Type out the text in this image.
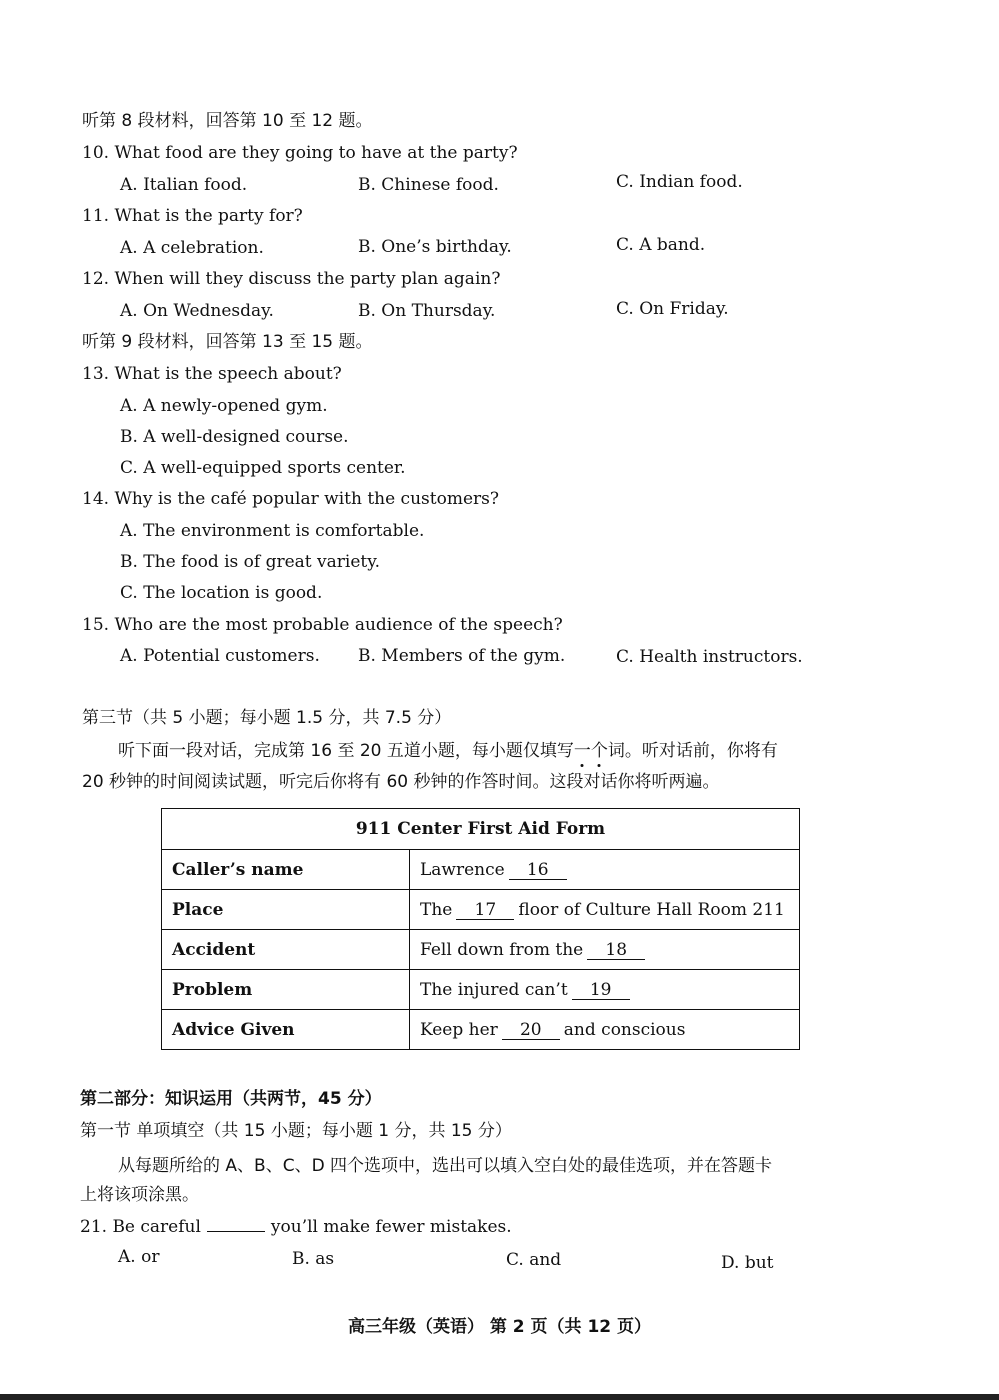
听第 8 段材料，回答第 10 至 12 题。
10. What food are they going to have at the party?
A. Italian food.	B. Chinese food.	C. Indian food.
11. What is the party for?
A. A celebration.	B. One’s birthday.	C. A band.
12. When will they discuss the party plan again?
A. On Wednesday.	B. On Thursday.	C. On Friday.
听第 9 段材料，回答第 13 至 15 题。
13. What is the speech about?
A. A newly-opened gym.
B. A well-designed course.
C. A well-equipped sports center.
14. Why is the café popular with the customers?
A. The environment is comfortable.
B. The food is of great variety.
C. The location is good.
15. Who are the most probable audience of the speech?
A. Potential customers. B. Members of the gym.	C. Health instructors.
第三节（共 5 小题；每小题 1.5 分，共 7.5 分）
听下面一段对话，完成第 16 至 20 五道小题，每小题仅填写一个词。听对话前，你将有
20 秒钟的时间阅读试题，听完后你将有 60 秒钟的作答时间。这段对话你将听两遍。
911 Center First Aid Form	
Caller’s name	Lawrence 16
Place	The 17 floor of Culture Hall Room 211
Accident	Fell down from the 18
Problem	The injured can’t 19
Advice Given	Keep her 20 and conscious
第二部分：知识运用（共两节，45 分）
第一节 单项填空（共 15 小题；每小题 1 分，共 15 分）
从每题所给的 A、B、C、D 四个选项中，选出可以填入空白处的最佳选项，并在答题卡
上将该项涂黑。
21. Be careful	you’ll make fewer mistakes.
A. or	B. as	C. and	D. but
高三年级（英语） 第 2 页（共 12 页）
